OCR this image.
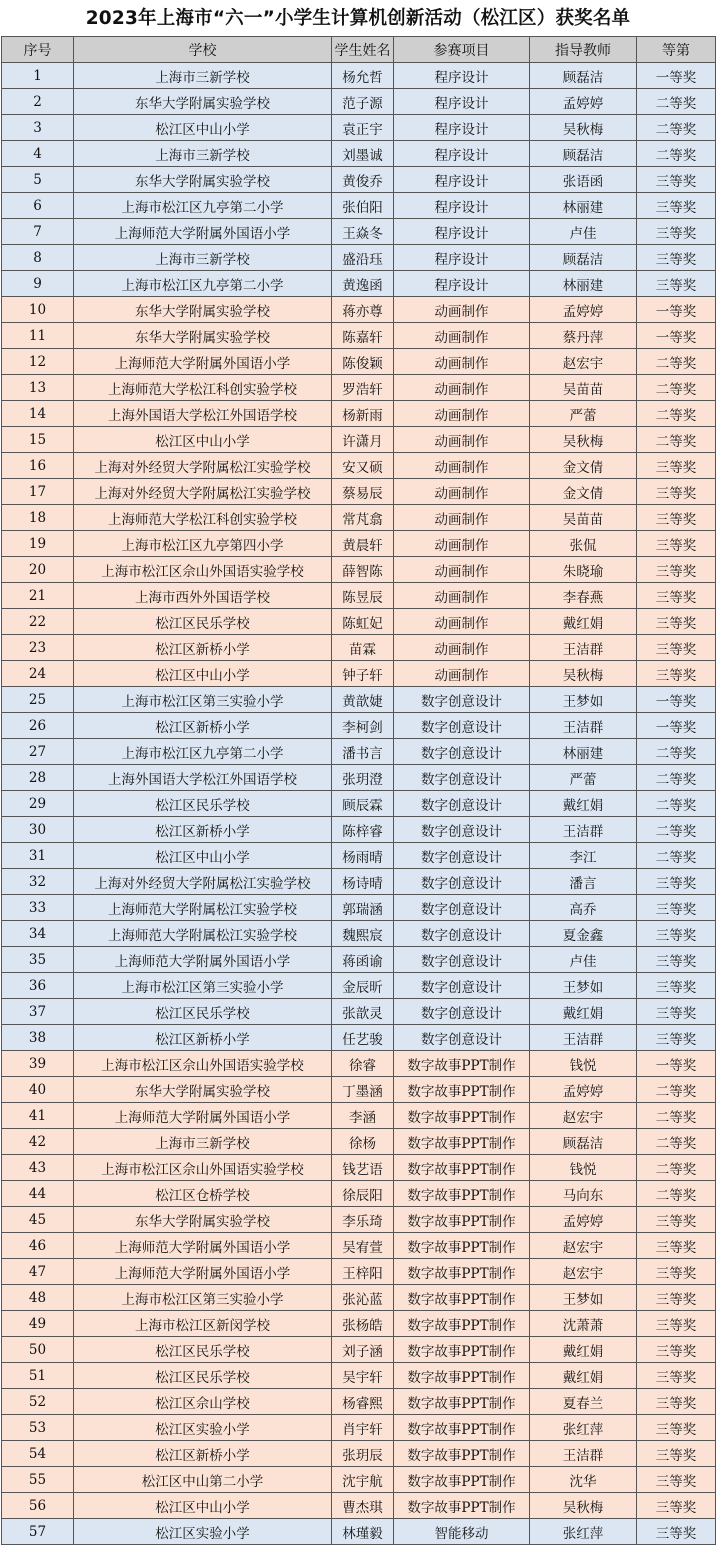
2023年上海市“六一”小学生计算机创新活动（松江区）获奖名单
序号	学校	学生姓名	参赛项目	指导教师	等第
1	上海市三新学校	杨允哲	程序设计	顾磊洁	一等奖
2	东华大学附属实验学校	范子源	程序设计	孟婷婷	二等奖
3	松江区中山小学	袁正宇	程序设计	吴秋梅	二等奖
4	上海市三新学校	刘墨诚	程序设计	顾磊洁	二等奖
5	东华大学附属实验学校	黄俊乔	程序设计	张语函	三等奖
6	上海市松江区九亭第二小学	张伯阳	程序设计	林丽建	三等奖
7	上海师范大学附属外国语小学	王焱冬	程序设计	卢佳	三等奖
8	上海市三新学校	盛沿珏	程序设计	顾磊洁	三等奖
9	上海市松江区九亭第二小学	黄逸函	程序设计	林丽建	三等奖
10	东华大学附属实验学校	蒋亦尊	动画制作	孟婷婷	一等奖
11	东华大学附属实验学校	陈嘉轩	动画制作	蔡丹萍	一等奖
12	上海师范大学附属外国语小学	陈俊颖	动画制作	赵宏宇	二等奖
13	上海师范大学松江科创实验学校	罗浩轩	动画制作	吴苗苗	二等奖
14	上海外国语大学松江外国语学校	杨新雨	动画制作	严蕾	二等奖
15	松江区中山小学	许潇月	动画制作	吴秋梅	二等奖
16	上海对外经贸大学附属松江实验学校	安又硕	动画制作	金文倩	三等奖
17	上海对外经贸大学附属松江实验学校	蔡易辰	动画制作	金文倩	三等奖
18	上海师范大学松江科创实验学校	常芃翕	动画制作	吴苗苗	三等奖
19	上海市松江区九亭第四小学	黄晨轩	动画制作	张侃	三等奖
20	上海市松江区佘山外国语实验学校	薛智陈	动画制作	朱晓瑜	三等奖
21	上海市西外外国语学校	陈昱辰	动画制作	李春燕	三等奖
22	松江区民乐学校	陈虹妃	动画制作	戴红娟	三等奖
23	松江区新桥小学	苗霖	动画制作	王洁群	三等奖
24	松江区中山小学	钟子轩	动画制作	吴秋梅	三等奖
25	上海市松江区第三实验小学	黄歆婕	数字创意设计	王梦如	一等奖
26	松江区新桥小学	李柯剑	数字创意设计	王洁群	一等奖
27	上海市松江区九亭第二小学	潘书言	数字创意设计	林丽建	二等奖
28	上海外国语大学松江外国语学校	张玥澄	数字创意设计	严蕾	二等奖
29	松江区民乐学校	顾辰霖	数字创意设计	戴红娟	二等奖
30	松江区新桥小学	陈梓睿	数字创意设计	王洁群	二等奖
31	松江区中山小学	杨雨晴	数字创意设计	李江	二等奖
32	上海对外经贸大学附属松江实验学校	杨诗晴	数字创意设计	潘言	三等奖
33	上海师范大学附属松江实验学校	郭瑞涵	数字创意设计	高乔	三等奖
34	上海师范大学附属松江实验学校	魏熙宸	数字创意设计	夏金鑫	三等奖
35	上海师范大学附属外国语小学	蒋函谕	数字创意设计	卢佳	三等奖
36	上海市松江区第三实验小学	金辰昕	数字创意设计	王梦如	三等奖
37	松江区民乐学校	张歆灵	数字创意设计	戴红娟	三等奖
38	松江区新桥小学	任艺骏	数字创意设计	王洁群	三等奖
39	上海市松江区佘山外国语实验学校	徐睿	数字故事PPT制作	钱悦	一等奖
40	东华大学附属实验学校	丁墨涵	数字故事PPT制作	孟婷婷	二等奖
41	上海师范大学附属外国语小学	李涵	数字故事PPT制作	赵宏宇	二等奖
42	上海市三新学校	徐杨	数字故事PPT制作	顾磊洁	二等奖
43	上海市松江区佘山外国语实验学校	钱艺语	数字故事PPT制作	钱悦	二等奖
44	松江区仓桥学校	徐辰阳	数字故事PPT制作	马向东	二等奖
45	东华大学附属实验学校	李乐琦	数字故事PPT制作	孟婷婷	三等奖
46	上海师范大学附属外国语小学	吴宥萱	数字故事PPT制作	赵宏宇	三等奖
47	上海师范大学附属外国语小学	王梓阳	数字故事PPT制作	赵宏宇	三等奖
48	上海市松江区第三实验小学	张沁蓝	数字故事PPT制作	王梦如	三等奖
49	上海市松江区新闵学校	张杨皓	数字故事PPT制作	沈萧萧	三等奖
50	松江区民乐学校	刘子涵	数字故事PPT制作	戴红娟	三等奖
51	松江区民乐学校	吴宇轩	数字故事PPT制作	戴红娟	三等奖
52	松江区佘山学校	杨睿熙	数字故事PPT制作	夏春兰	三等奖
53	松江区实验小学	肖宇轩	数字故事PPT制作	张红萍	三等奖
54	松江区新桥小学	张玥辰	数字故事PPT制作	王洁群	三等奖
55	松江区中山第二小学	沈宇航	数字故事PPT制作	沈华	三等奖
56	松江区中山小学	曹杰琪	数字故事PPT制作	吴秋梅	三等奖
57	松江区实验小学	林瑾毅	智能移动	张红萍	三等奖
